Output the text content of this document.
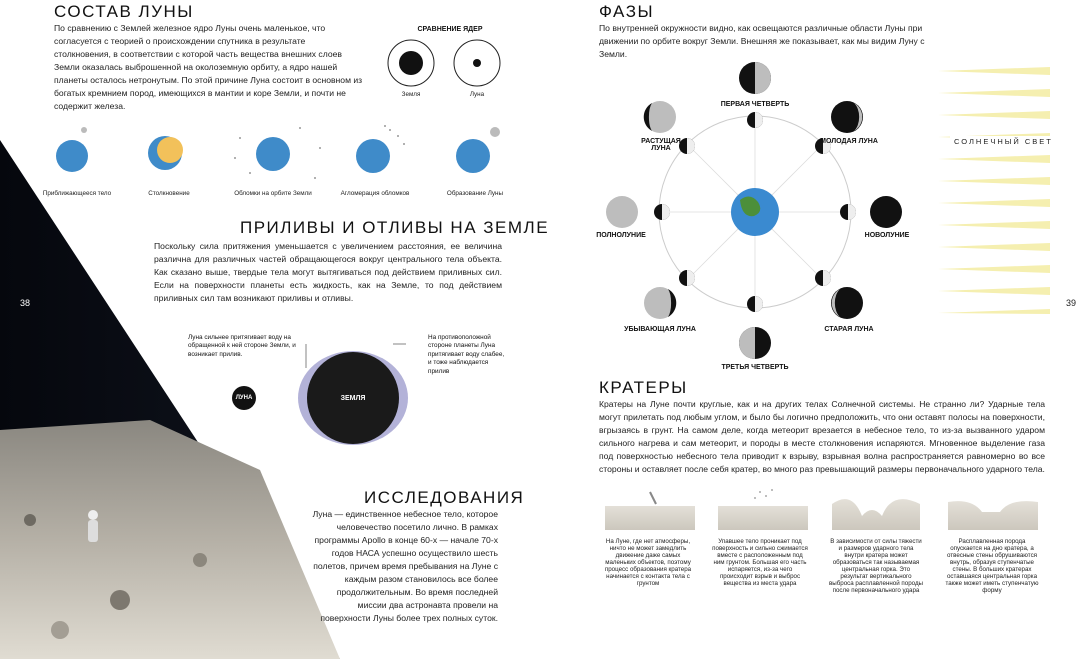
СОСТАВ ЛУНЫ
По сравнению с Землей железное ядро Луны очень маленькое, что согласуется с теорией о происхождении спутника в результате столкновения, в соответствии с которой часть вещества внешних слоев Земли оказалась выброшенной на околоземную орбиту, а ядро нашей планеты осталось нетронутым. По этой причине Луна состоит в основном из богатых кремнием пород, имеющихся в мантии и коре Земли, и почти не содержит железа.
СРАВНЕНИЕ ЯДЕР
Земля	Луна
Приближающееся тело	Столкновение	Обломки на орбите Земли	Агломерация обломков	Образование Луны
ПРИЛИВЫ И ОТЛИВЫ НА ЗЕМЛЕ
Поскольку сила притяжения уменьшается с увеличением расстояния, ее величина различна для различных частей обращающегося вокруг центрального тела объекта. Как сказано выше, твердые тела могут вытягиваться под действием приливных сил. Если на поверхности планеты есть жидкость, как на Земле, то под действием приливных сил там возникают приливы и отливы.
Луна сильнее притягивает воду на обращенной к ней стороне Земли, и возникает прилив.
На противоположной стороне планеты Луна притягивает воду слабее, и тоже наблюдается прилив
ЛУНА	ЗЕМЛЯ
38
ИССЛЕДОВАНИЯ
Луна — единственное небесное тело, которое человечество посетило лично. В рамках программы Apollo в конце 60-х — начале 70-х годов НАСА успешно осуществило шесть полетов, причем время пребывания на Луне с каждым разом становилось все более продолжительным. Во время последней миссии два астронавта провели на поверхности Луны более трех полных суток.
ФАЗЫ
По внутренней окружности видно, как освещаются различные области Луны при движении по орбите вокруг Земли. Внешняя же показывает, как мы видим Луну с Земли.
СОЛНЕЧНЫЙ СВЕТ
ПЕРВАЯ ЧЕТВЕРТЬ
МОЛОДАЯ ЛУНА
РАСТУЩАЯ ЛУНА
ПОЛНОЛУНИЕ	НОВОЛУНИЕ
УБЫВАЮЩАЯ ЛУНА	СТАРАЯ ЛУНА
ТРЕТЬЯ ЧЕТВЕРТЬ
39
КРАТЕРЫ
Кратеры на Луне почти круглые, как и на других телах Солнечной системы. Не странно ли? Ударные тела могут прилетать под любым углом, и было бы логично предположить, что они оставят полосы на поверхности, вгрызаясь в грунт. На самом деле, когда метеорит врезается в небесное тело, то из-за вызванного ударом сильного нагрева и сам метеорит, и породы в месте столкновения испаряются. Мгновенное выделение газа под поверхностью небесного тела приводит к взрыву, взрывная волна распространяется равномерно во все стороны и оставляет после себя кратер, во много раз превышающий размеры первоначального ударного тела.
На Луне, где нет атмосферы, ничто не может замедлить движение даже самых маленьких объектов, поэтому процесс образования кратера начинается с контакта тела с грунтом
Упавшее тело проникает под поверхность и сильно сжимается вместе с расположенным под ним грунтом. Большая его часть испаряется, из-за чего происходит взрыв и выброс вещества из места удара
В зависимости от силы тяжести и размеров ударного тела внутри кратера может образоваться так называемая центральная горка. Это результат вертикального выброса расплавленной породы после первоначального удара
Расплавленная порода опускается на дно кратера, а отвесные стены обрушиваются внутрь, образуя ступенчатые стены. В больших кратерах оставшаяся центральная горка также может иметь ступенчатую форму
